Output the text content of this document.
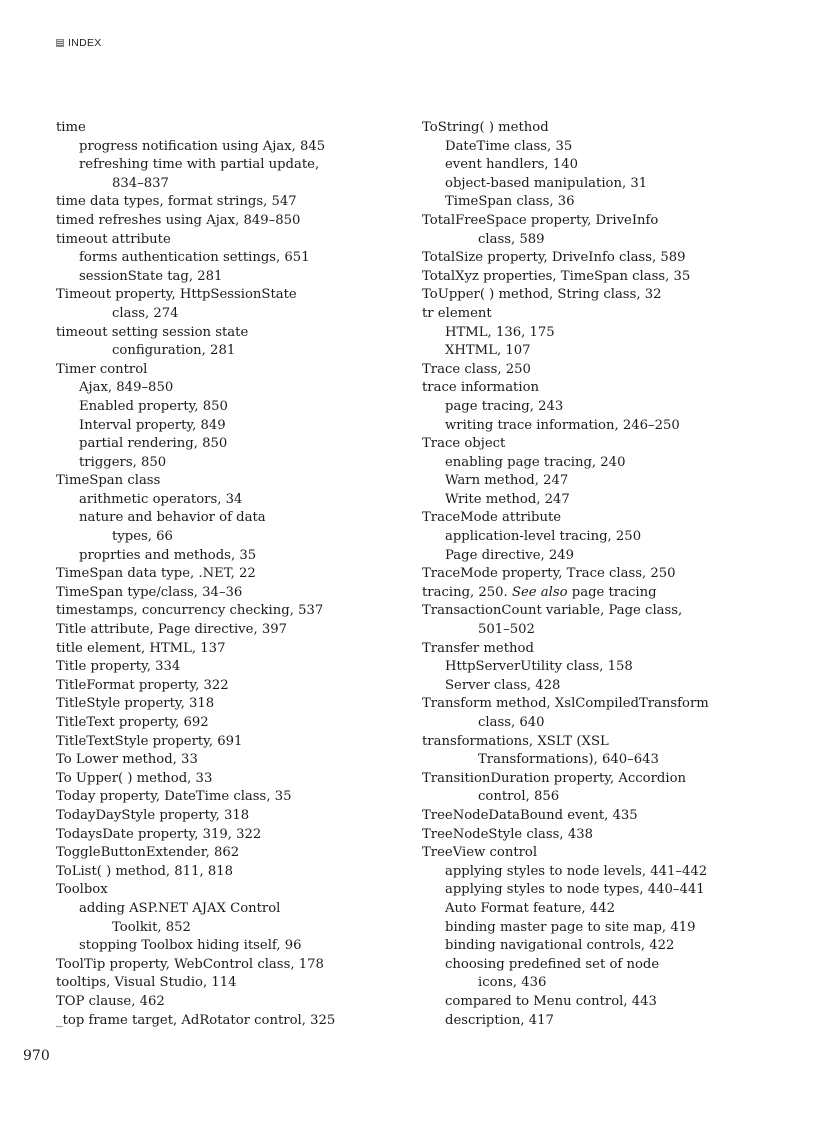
INDEX

time

progress notification using Ajax, 845

refreshing time with partial update,

834–837

time data types, format strings, 547

timed refreshes using Ajax, 849–850

timeout attribute

forms authentication settings, 651

sessionState tag, 281

Timeout property, HttpSessionState

class, 274

timeout setting session state

configuration, 281

Timer control

Ajax, 849–850

Enabled property, 850

Interval property, 849

partial rendering, 850

triggers, 850

TimeSpan class

arithmetic operators, 34

nature and behavior of data

types, 66

proprties and methods, 35

TimeSpan data type, .NET, 22

TimeSpan type/class, 34–36

timestamps, concurrency checking, 537

Title attribute, Page directive, 397

title element, HTML, 137

Title property, 334

TitleFormat property, 322

TitleStyle property, 318

TitleText property, 692

TitleTextStyle property, 691

To Lower method, 33

To Upper( ) method, 33

Today property, DateTime class, 35

TodayDayStyle property, 318

TodaysDate property, 319, 322

ToggleButtonExtender, 862

ToList( ) method, 811, 818

Toolbox

adding ASP.NET AJAX Control

Toolkit, 852

stopping Toolbox hiding itself, 96

ToolTip property, WebControl class, 178

tooltips, Visual Studio, 114

TOP clause, 462

_top frame target, AdRotator control, 325

ToString( ) method

DateTime class, 35

event handlers, 140

object-based manipulation, 31

TimeSpan class, 36

TotalFreeSpace property, DriveInfo

class, 589

TotalSize property, DriveInfo class, 589

TotalXyz properties, TimeSpan class, 35

ToUpper( ) method, String class, 32

tr element

HTML, 136, 175

XHTML, 107

Trace class, 250

trace information

page tracing, 243

writing trace information, 246–250

Trace object

enabling page tracing, 240

Warn method, 247

Write method, 247

TraceMode attribute

application-level tracing, 250

Page directive, 249

TraceMode property, Trace class, 250

tracing, 250. See also page tracing

TransactionCount variable, Page class,

501–502

Transfer method

HttpServerUtility class, 158

Server class, 428

Transform method, XslCompiledTransform

class, 640

transformations, XSLT (XSL

Transformations), 640–643

TransitionDuration property, Accordion

control, 856

TreeNodeDataBound event, 435

TreeNodeStyle class, 438

TreeView control

applying styles to node levels, 441–442

applying styles to node types, 440–441

Auto Format feature, 442

binding master page to site map, 419

binding navigational controls, 422

choosing predefined set of node

icons, 436

compared to Menu control, 443

description, 417

970
